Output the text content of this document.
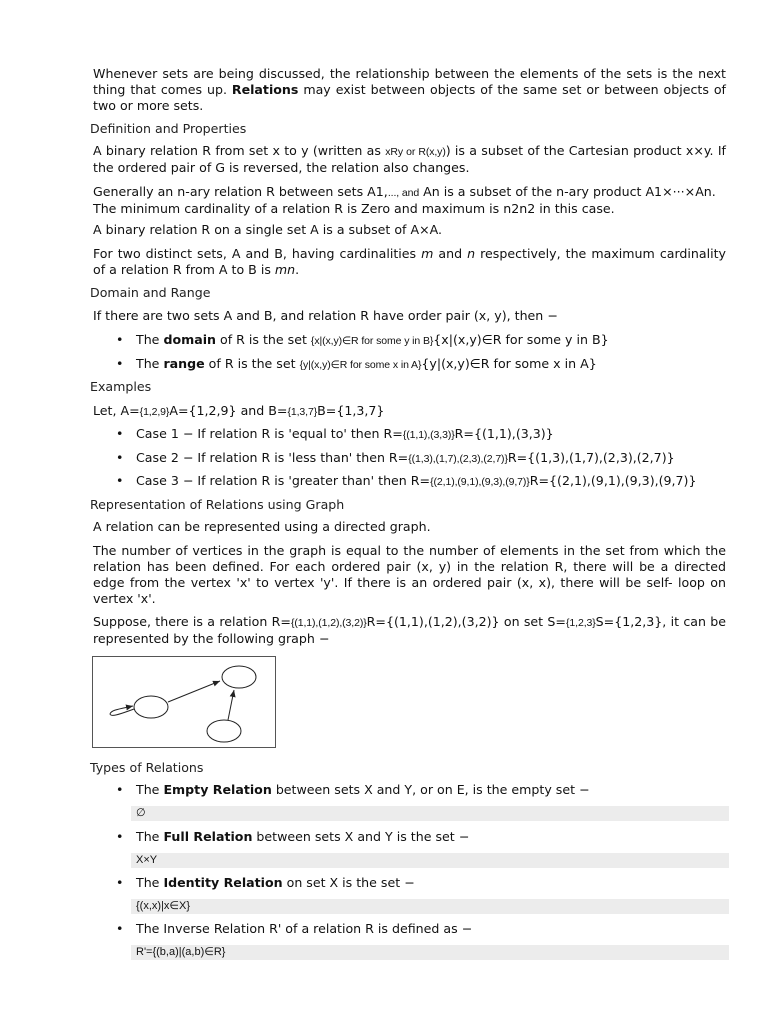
Whenever sets are being discussed, the relationship between the elements of the sets is the next thing that comes up. Relations may exist between objects of the same set or between objects of two or more sets.

Definition and Properties

A binary relation R from set x to y (written as xRy or R(x,y)) is a subset of the Cartesian product x×y. If the ordered pair of G is reversed, the relation also changes.

Generally an n-ary relation R between sets A1,..., and An is a subset of the n-ary product A1×···×An. The minimum cardinality of a relation R is Zero and maximum is n2n2 in this case.

A binary relation R on a single set A is a subset of A×A.

For two distinct sets, A and B, having cardinalities m and n respectively, the maximum cardinality of a relation R from A to B is mn.

Domain and Range

If there are two sets A and B, and relation R have order pair (x, y), then −

• The domain of R is the set {x|(x,y)∈R for some y in B}{x|(x,y)∈R for some y in B}

• The range of R is the set {y|(x,y)∈R for some x in A}{y|(x,y)∈R for some x in A}

Examples

Let, A={1,2,9}A={1,2,9} and B={1,3,7}B={1,3,7}

• Case 1 − If relation R is 'equal to' then R={(1,1),(3,3)}R={(1,1),(3,3)}

• Case 2 − If relation R is 'less than' then R={(1,3),(1,7),(2,3),(2,7)}R={(1,3),(1,7),(2,3),(2,7)}

• Case 3 − If relation R is 'greater than' then R={(2,1),(9,1),(9,3),(9,7)}R={(2,1),(9,1),(9,3),(9,7)}

Representation of Relations using Graph

A relation can be represented using a directed graph.

The number of vertices in the graph is equal to the number of elements in the set from which the relation has been defined. For each ordered pair (x, y) in the relation R, there will be a directed edge from the vertex 'x' to vertex 'y'. If there is an ordered pair (x, x), there will be self- loop on vertex 'x'.

Suppose, there is a relation R={(1,1),(1,2),(3,2)}R={(1,1),(1,2),(3,2)} on set S={1,2,3}S={1,2,3}, it can be represented by the following graph −

Types of Relations

• The Empty Relation between sets X and Y, or on E, is the empty set −

∅

• The Full Relation between sets X and Y is the set −

X×Y

• The Identity Relation on set X is the set −

{(x,x)|x∈X}

• The Inverse Relation R' of a relation R is defined as −

R'={(b,a)|(a,b)∈R}
